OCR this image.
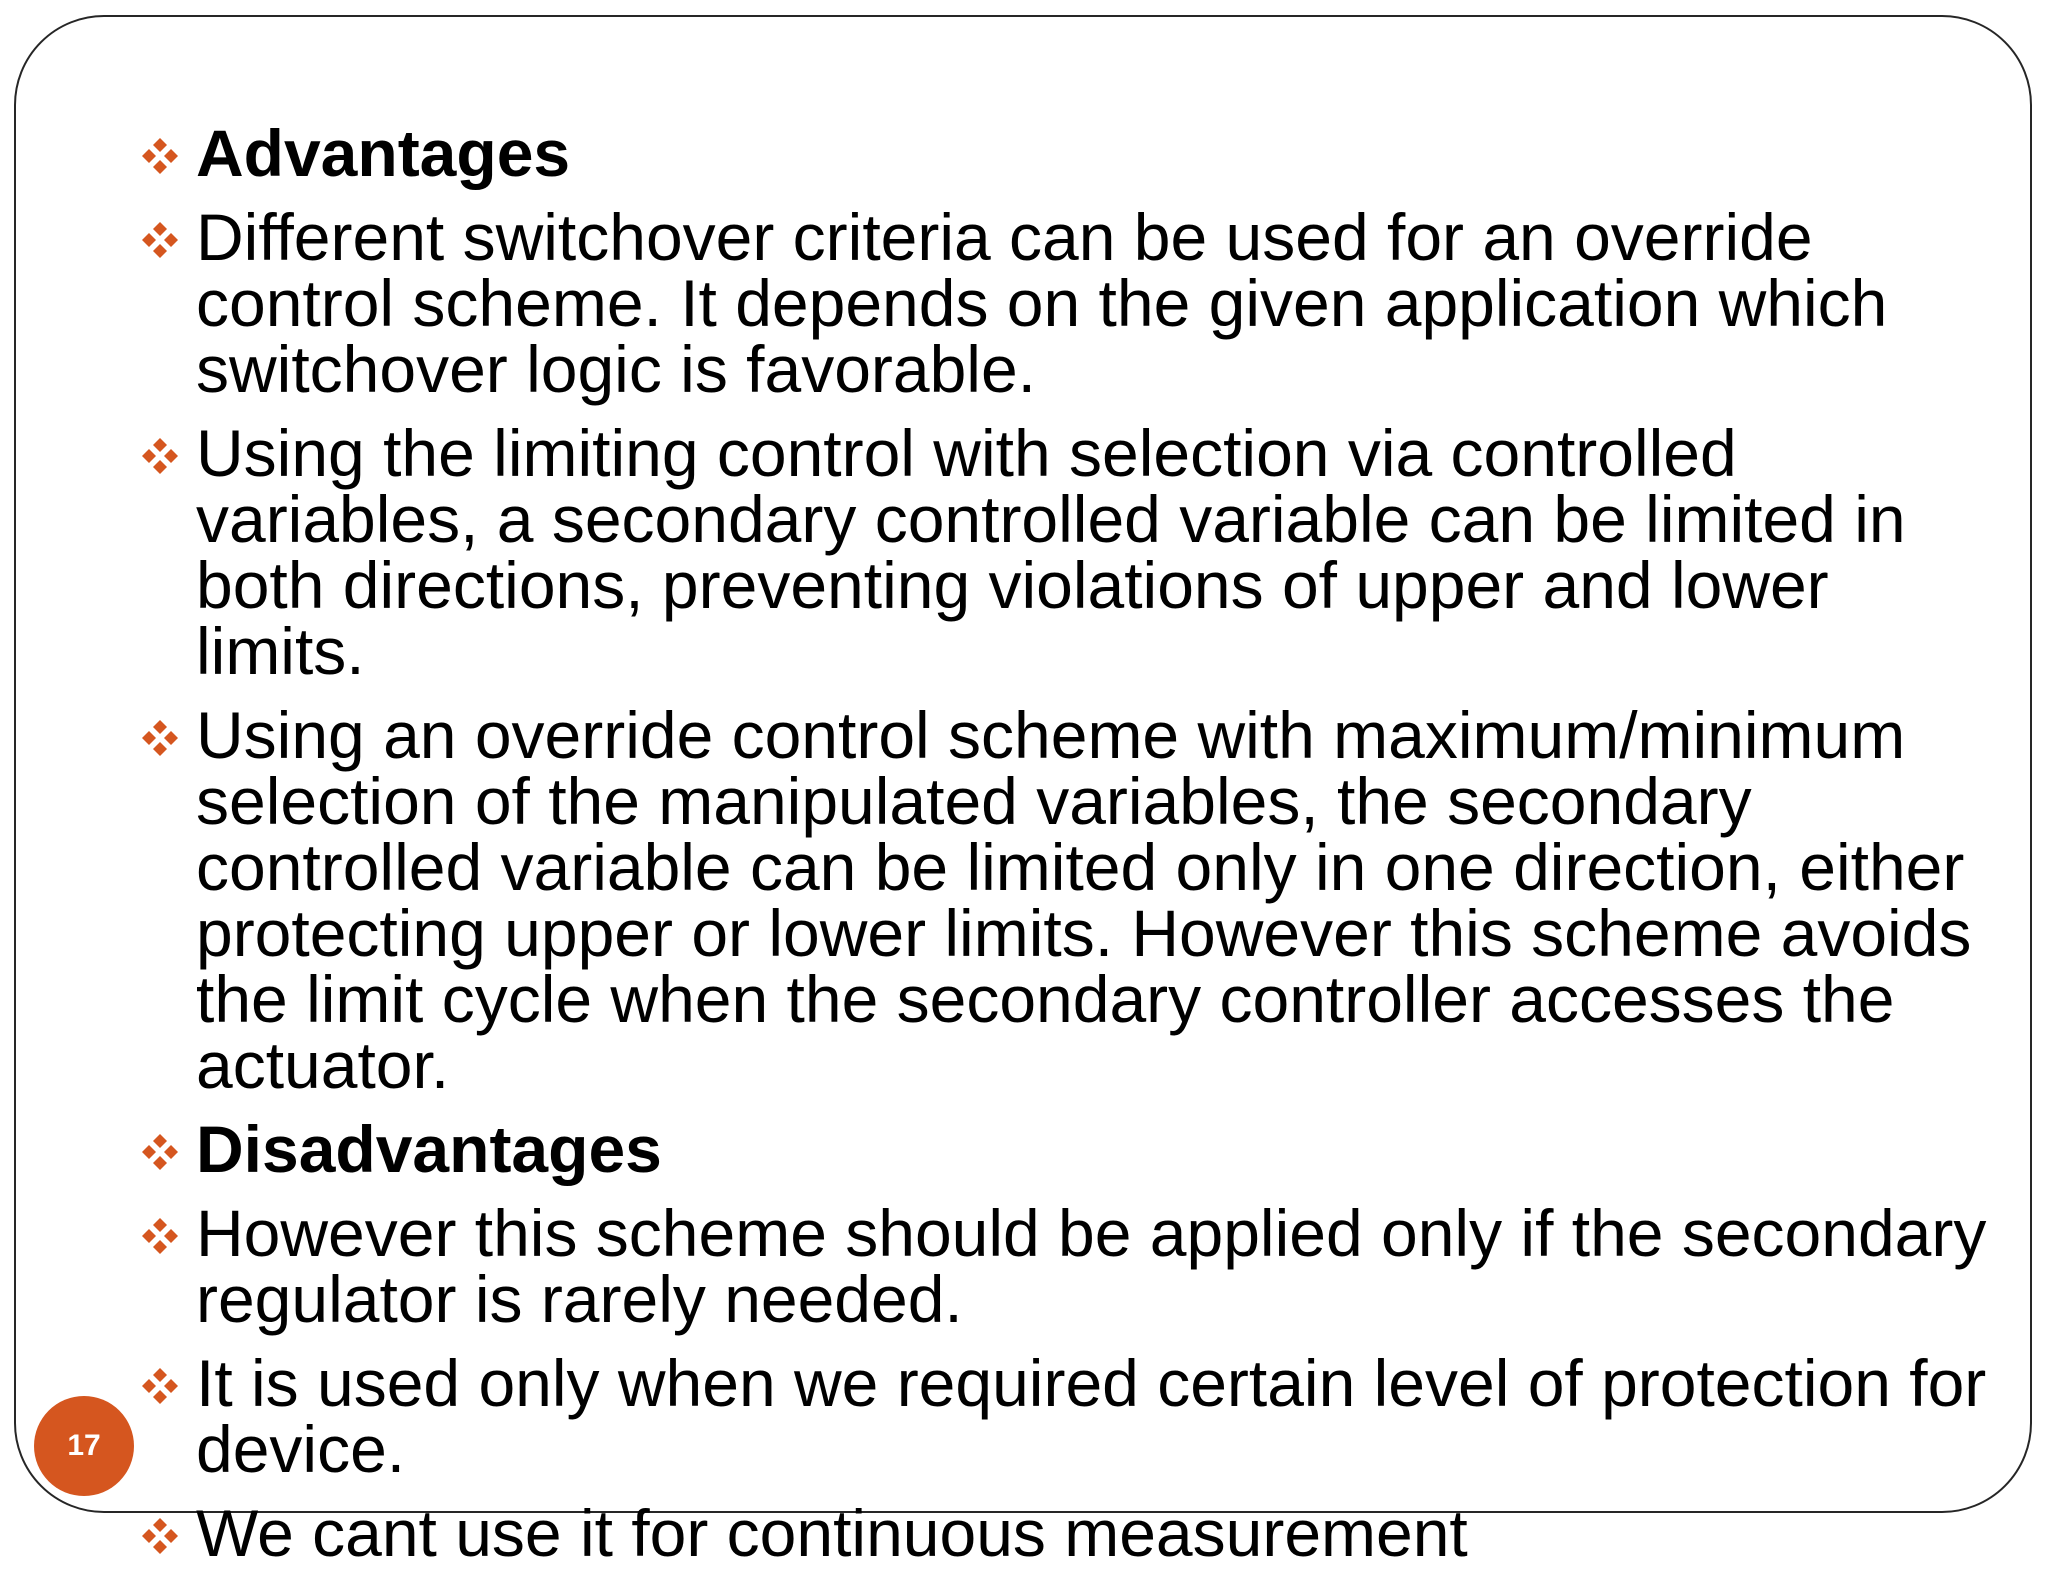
Advantages
Different switchover criteria can be used for an override control scheme. It depends on the given application which switchover logic is favorable.
Using the limiting control with selection via controlled variables, a secondary controlled variable can be limited in both directions, preventing violations of upper and lower limits.
Using an override control scheme with maximum/minimum selection of the manipulated variables, the secondary controlled variable can be limited only in one direction, either protecting upper or lower limits. However this scheme avoids the limit cycle when the secondary controller accesses the actuator.
Disadvantages
However this scheme should be applied only if the secondary regulator is rarely needed.
It is used only when we required certain level of protection for device.
We cant use it for continuous measurement
17
